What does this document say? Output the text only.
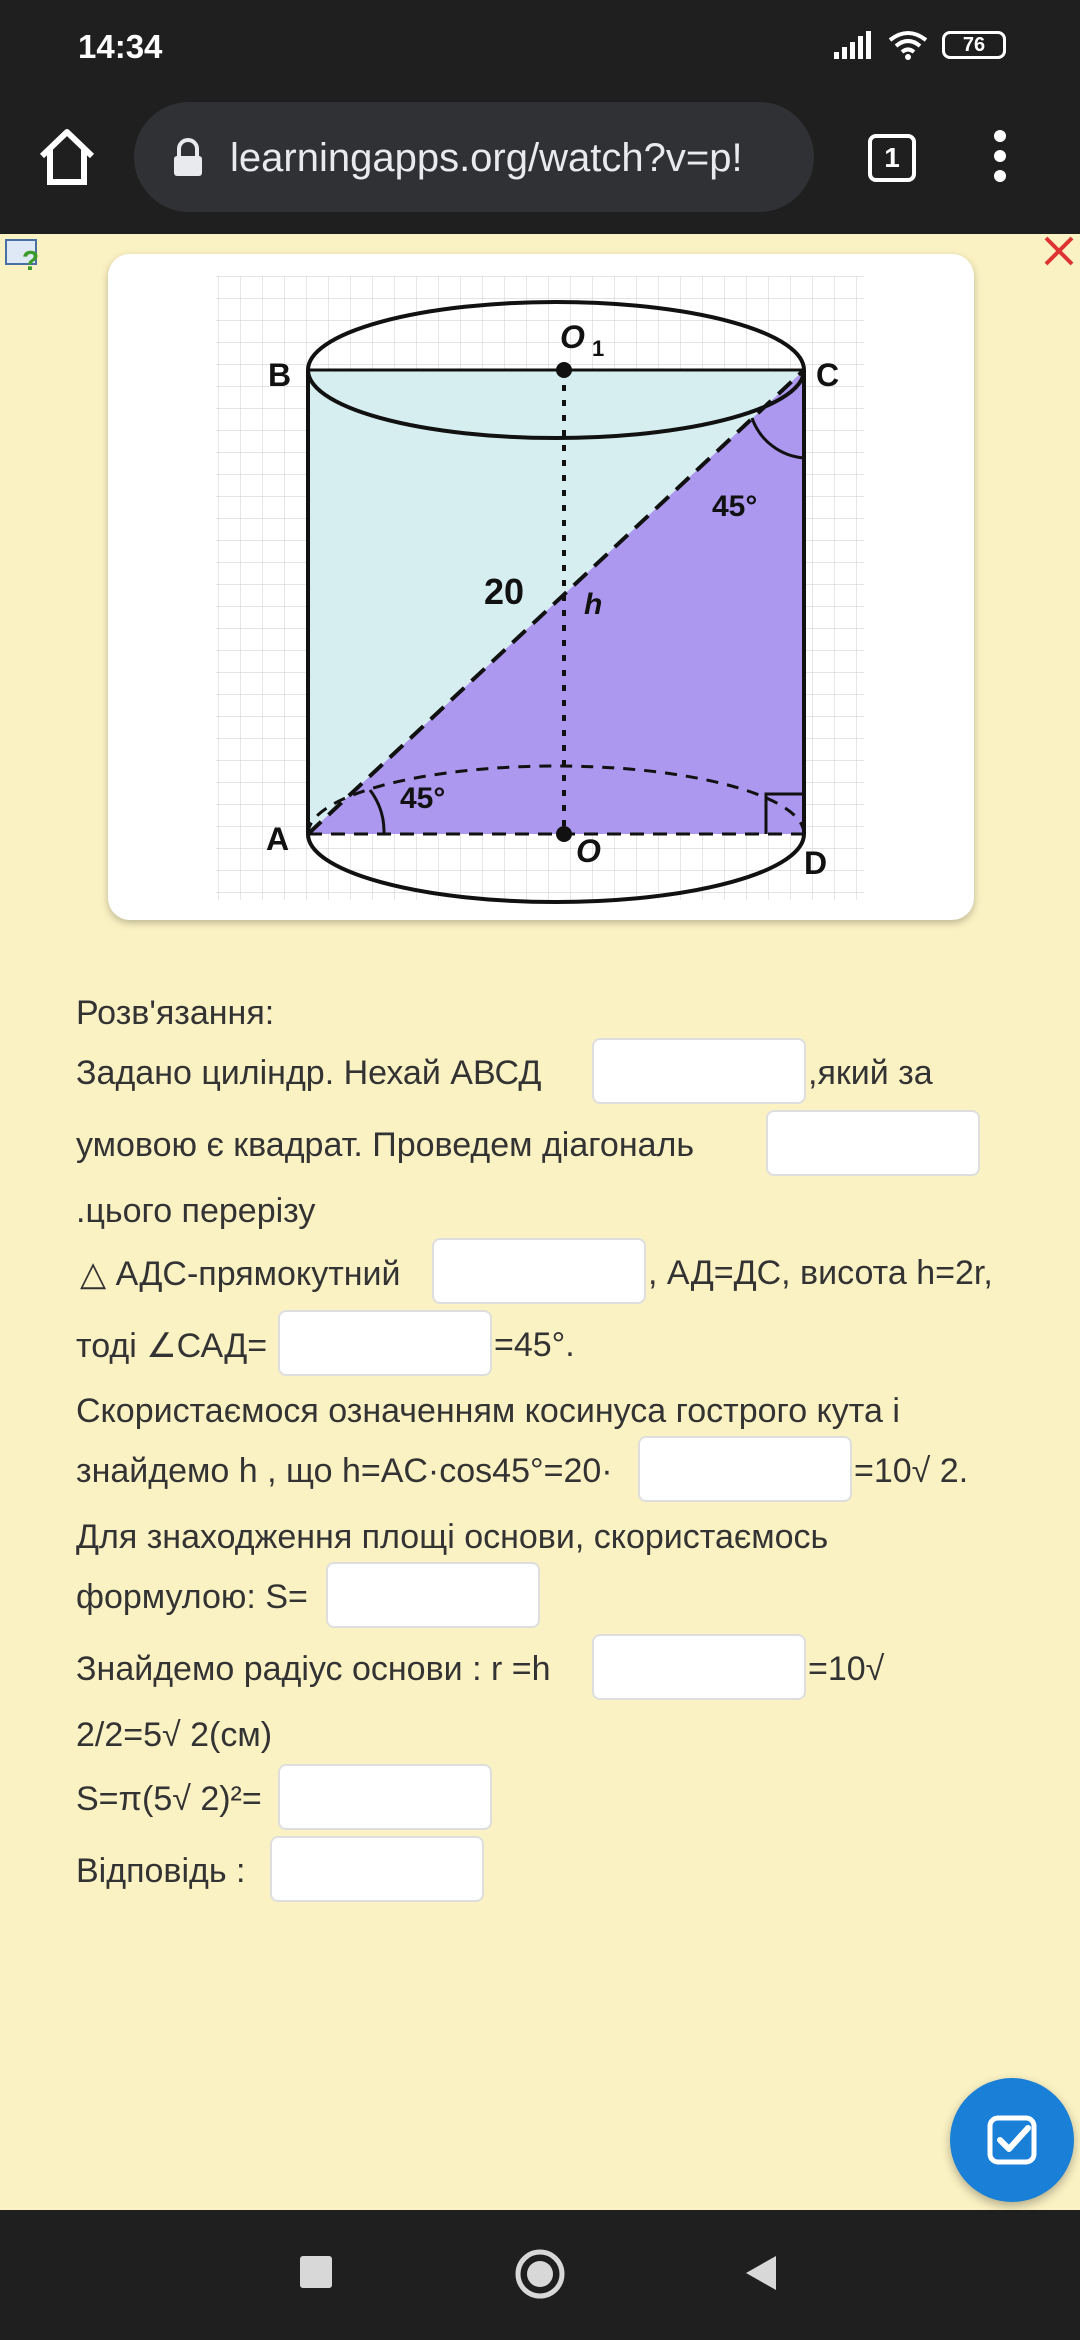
14:34	76
learningapps.org/watch?v=p!	1
?
B	C
A
D
O 1
O
20 h
45°
45°
Розв'язання:
Задано циліндр. Нехай АВСД	,який за
умовою є квадрат. Проведем діагональ
.цього перерізу
△ АДС-прямокутний	, АД=ДС, висота h=2r,
тоді ∠САД=	=45°.
Скористаємося означенням косинуса гострого кута і
знайдемо h , що h=AC·cos45°=20·	=10√ 2.
Для знаходження площі основи, скористаємось
формулою: S=
Знайдемо радіус основи : r =h	=10√
2/2=5√ 2(см)
S=π(5√ 2)²=
Відповідь :
